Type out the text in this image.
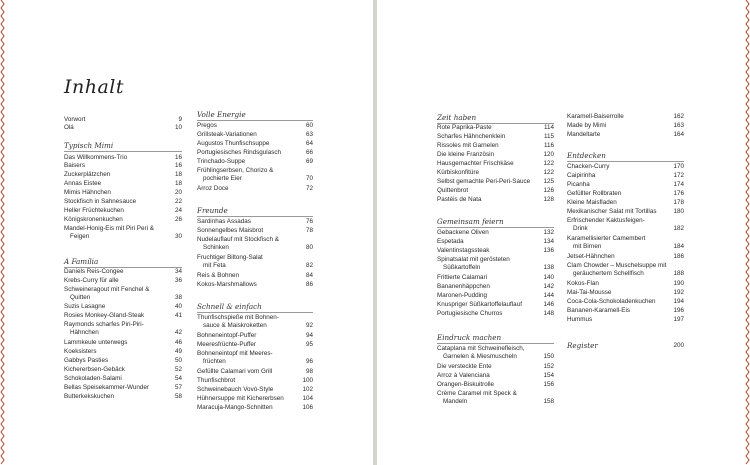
Inhalt
Vorwort	9
Olá	10
Typisch Mimi
Das Willkommens-Trio	16
Baisers	16
Zuckerplätzchen	18
Annas Eistee	18
Mimis Hähnchen	20
Stockfisch in Sahnesauce	22
Heller Früchtekuchen	24
Königskronenkuchen	26
Mandel-Honig-Eis mit Piri Peri &
Feigen	30
A Família
Daniels Reis-Congee	34
Krebs-Curry für alle	36
Schweineragout mit Fenchel &
Quitten	38
Suzis Lasagne	40
Rosies Monkey-Gland-Steak	41
Raymonds scharfes Piri-Piri-
Hähnchen	42
Lammkeule unterwegs	46
Koeksisters	49
Gabbys Pasties	50
Kichererbsen-Gebäck	52
Schokoladen-Salami	54
Bellas Speisekammer-Wunder	57
Butterkekskuchen	58
Volle Energie
Pregos	60
Grillsteak-Variationen	63
Augustos Thunfischsuppe	64
Portugiesisches Rindsgulasch	66
Trinchado-Suppe	69
Frühlingserbsen, Chorizo &
pochierte Eier	70
Arroz Doce	72
Freunde
Sardinhas Assadas	76
Sonnengelbes Maisbrot	78
Nudelauflauf mit Stockfisch &
Schinken	80
Fruchtiger Biltong-Salat
mit Feta	82
Reis & Bohnen	84
Kokos-Marshmallows	86
Schnell & einfach
Thunfischspieße mit Bohnen-
sauce & Maiskroketten	92
Bohneneintopf-Puffer	94
Meeresfrüchte-Puffer	95
Bohneneintopf mit Meeres-
früchten	96
Gefüllte Calamari vom Grill	98
Thunfischbrot	100
Schweinebauch Vovó-Style	102
Hühnersuppe mit Kichererbsen	104
Maracuja-Mango-Schnitten	106
Zeit haben
Rote Paprika-Paste	114
Scharfes Hähnchenklein	115
Rissoles mit Garnelen	116
Die kleine Französin	120
Hausgemachter Frischkäse	122
Kürbiskonfitüre	122
Selbst gemachte Peri-Peri-Sauce 125
Quittenbrot	126
Pastéis de Nata	128
Gemeinsam feiern
Gebackene Oliven	132
Espetada	134
Valentinstagssteak	136
Spinatsalat mit gerösteten
Süßkartoffeln	138
Frittierte Calamari	140
Bananenhäppchen	142
Maronen-Pudding	144
Knuspriger Süßkartoffelauflauf	146
Portugiesische Churros	148
Eindruck machen
Cataplana mit Schweinefleisch,
Garnelen & Miesmuscheln	150
Die versteckte Ente	152
Arroz à Valenciana	154
Orangen-Biskuitrolle	156
Crème Caramel mit Speck &
Mandeln	158
Karamell-Baiserrolle	162
Made by Mimi	163
Mandeltarte	164
Entdecken
Chacken-Curry	170
Caipirinha	172
Picanha	174
Gefüllter Rollbraten	176
Kleine Maisfladen	178
Mexikanischer Salat mit Tortillas	180
Erfrischender Kaktusfeigen-
Drink	182
Karamellisierter Camembert
mit Birnen	184
Jetset-Hähnchen	186
Clam Chowder – Muschelsuppe mit
geräuchertem Schellfisch	188
Kokos-Flan	190
Mai-Tai-Mousse	192
Coca-Cola-Schokoladenkuchen	194
Bananen-Karamell-Eis	196
Hummus	197
Register	200
